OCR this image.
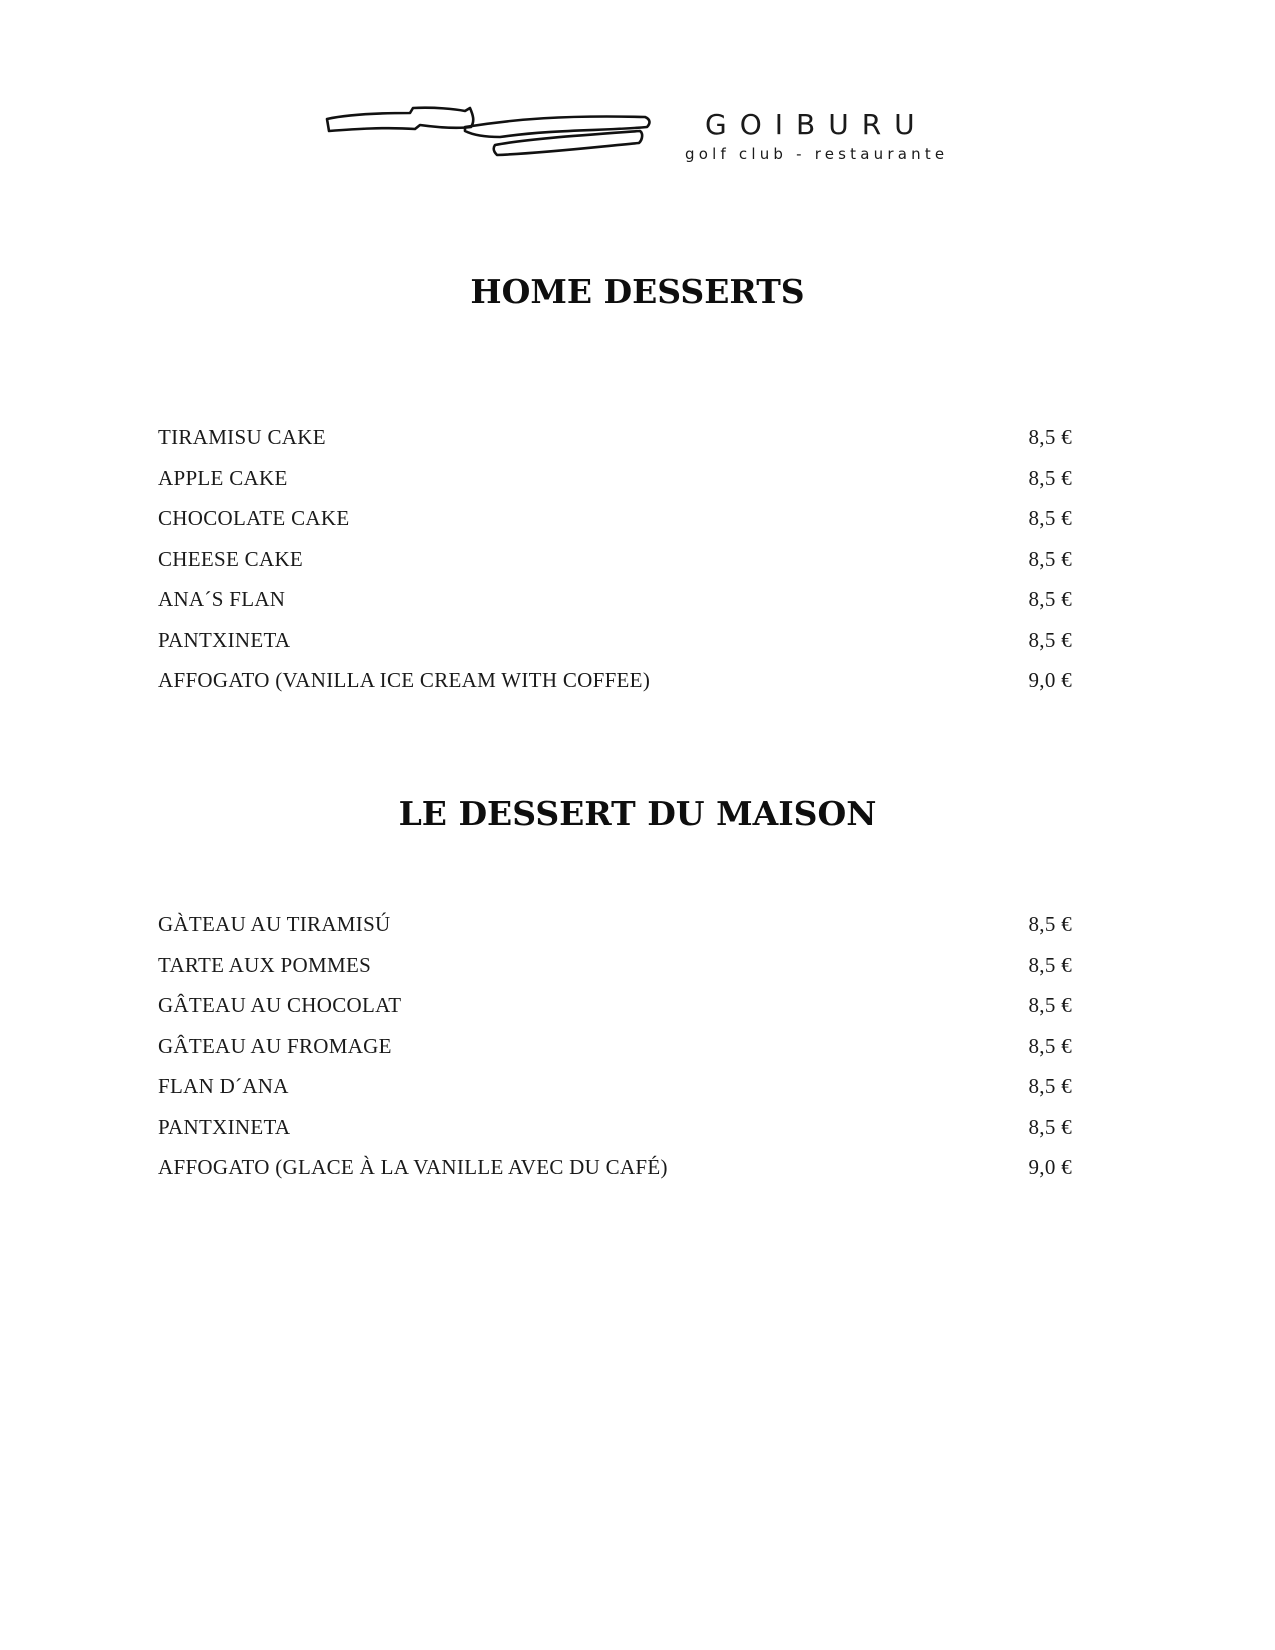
GOIBURU
golf club - restaurante
HOME DESSERTS
TIRAMISU CAKE	8,5 €
APPLE CAKE	8,5 €
CHOCOLATE CAKE	8,5 €
CHEESE CAKE	8,5 €
ANA´S FLAN	8,5 €
PANTXINETA	8,5 €
AFFOGATO (VANILLA ICE CREAM WITH COFFEE)	9,0 €
LE DESSERT DU MAISON
GÀTEAU AU TIRAMISÚ	8,5 €
TARTE AUX POMMES	8,5 €
GÂTEAU AU CHOCOLAT	8,5 €
GÂTEAU AU FROMAGE	8,5 €
FLAN D´ANA	8,5 €
PANTXINETA	8,5 €
AFFOGATO (GLACE À LA VANILLE AVEC DU CAFÉ)	9,0 €
